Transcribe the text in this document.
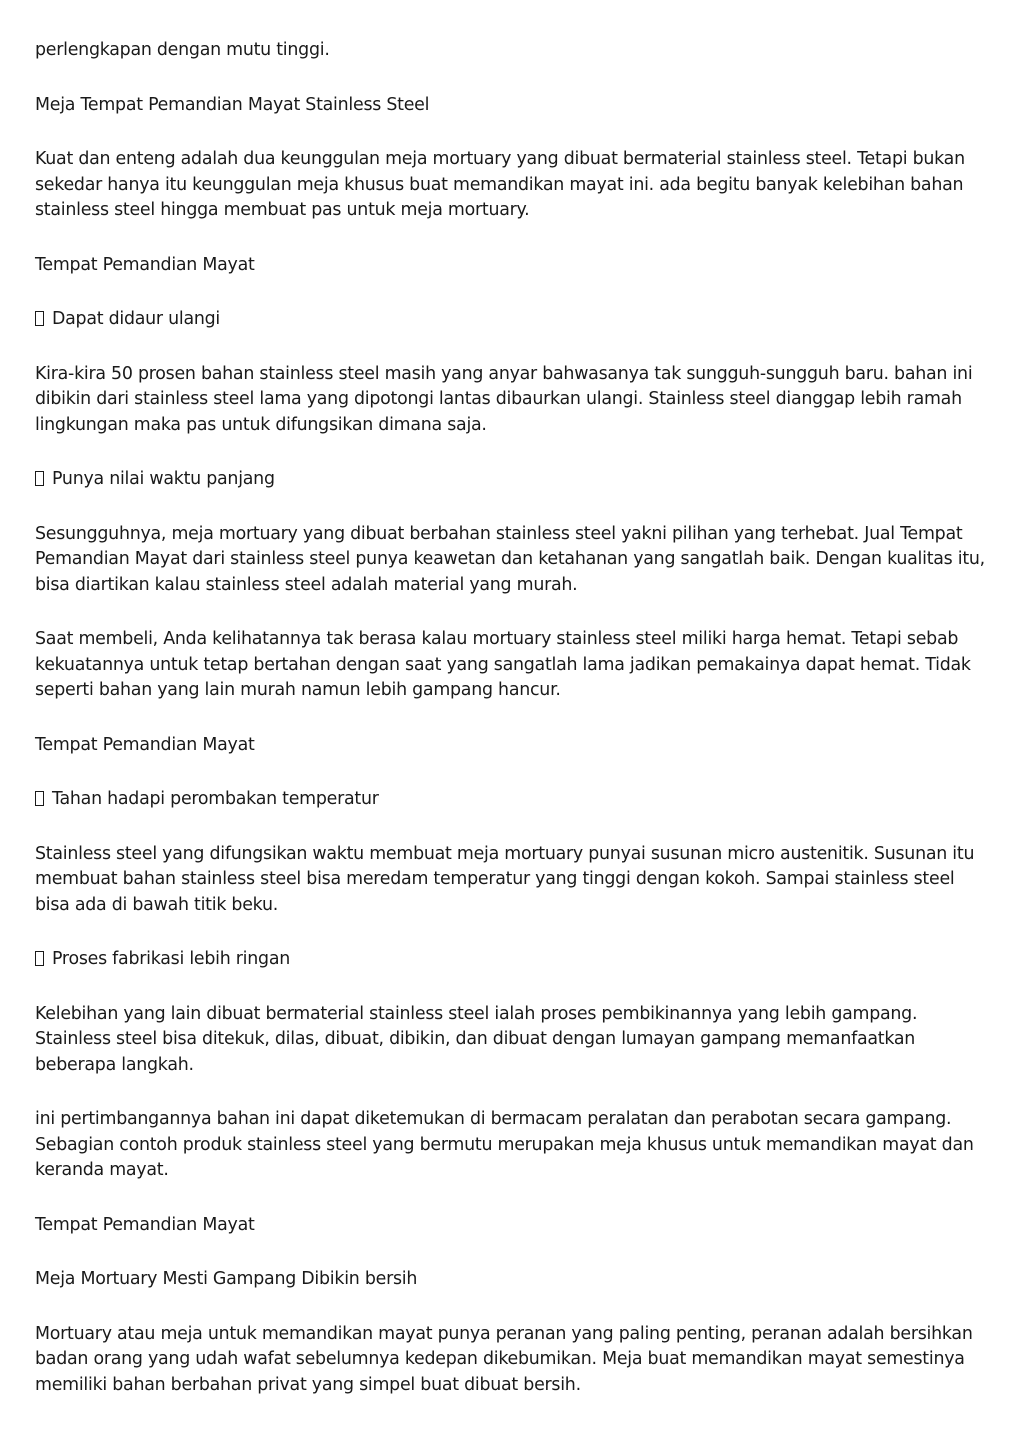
perlengkapan dengan mutu tinggi.

Meja Tempat Pemandian Mayat Stainless Steel

Kuat dan enteng adalah dua keunggulan meja mortuary yang dibuat bermaterial stainless steel. Tetapi bukan sekedar hanya itu keunggulan meja khusus buat memandikan mayat ini. ada begitu banyak kelebihan bahan stainless steel hingga membuat pas untuk meja mortuary.

Tempat Pemandian Mayat

Dapat didaur ulangi

Kira-kira 50 prosen bahan stainless steel masih yang anyar bahwasanya tak sungguh-sungguh baru. bahan ini dibikin dari stainless steel lama yang dipotongi lantas dibaurkan ulangi. Stainless steel dianggap lebih ramah lingkungan maka pas untuk difungsikan dimana saja.

Punya nilai waktu panjang

Sesungguhnya, meja mortuary yang dibuat berbahan stainless steel yakni pilihan yang terhebat. Jual Tempat Pemandian Mayat dari stainless steel punya keawetan dan ketahanan yang sangatlah baik. Dengan kualitas itu, bisa diartikan kalau stainless steel adalah material yang murah.

Saat membeli, Anda kelihatannya tak berasa kalau mortuary stainless steel miliki harga hemat. Tetapi sebab kekuatannya untuk tetap bertahan dengan saat yang sangatlah lama jadikan pemakainya dapat hemat. Tidak seperti bahan yang lain murah namun lebih gampang hancur.

Tempat Pemandian Mayat

Tahan hadapi perombakan temperatur

Stainless steel yang difungsikan waktu membuat meja mortuary punyai susunan micro austenitik. Susunan itu membuat bahan stainless steel bisa meredam temperatur yang tinggi dengan kokoh. Sampai stainless steel bisa ada di bawah titik beku.

Proses fabrikasi lebih ringan

Kelebihan yang lain dibuat bermaterial stainless steel ialah proses pembikinannya yang lebih gampang. Stainless steel bisa ditekuk, dilas, dibuat, dibikin, dan dibuat dengan lumayan gampang memanfaatkan beberapa langkah.

ini pertimbangannya bahan ini dapat diketemukan di bermacam peralatan dan perabotan secara gampang. Sebagian contoh produk stainless steel yang bermutu merupakan meja khusus untuk memandikan mayat dan keranda mayat.

Tempat Pemandian Mayat

Meja Mortuary Mesti Gampang Dibikin bersih

Mortuary atau meja untuk memandikan mayat punya peranan yang paling penting, peranan adalah bersihkan badan orang yang udah wafat sebelumnya kedepan dikebumikan. Meja buat memandikan mayat semestinya memiliki bahan berbahan privat yang simpel buat dibuat bersih.
